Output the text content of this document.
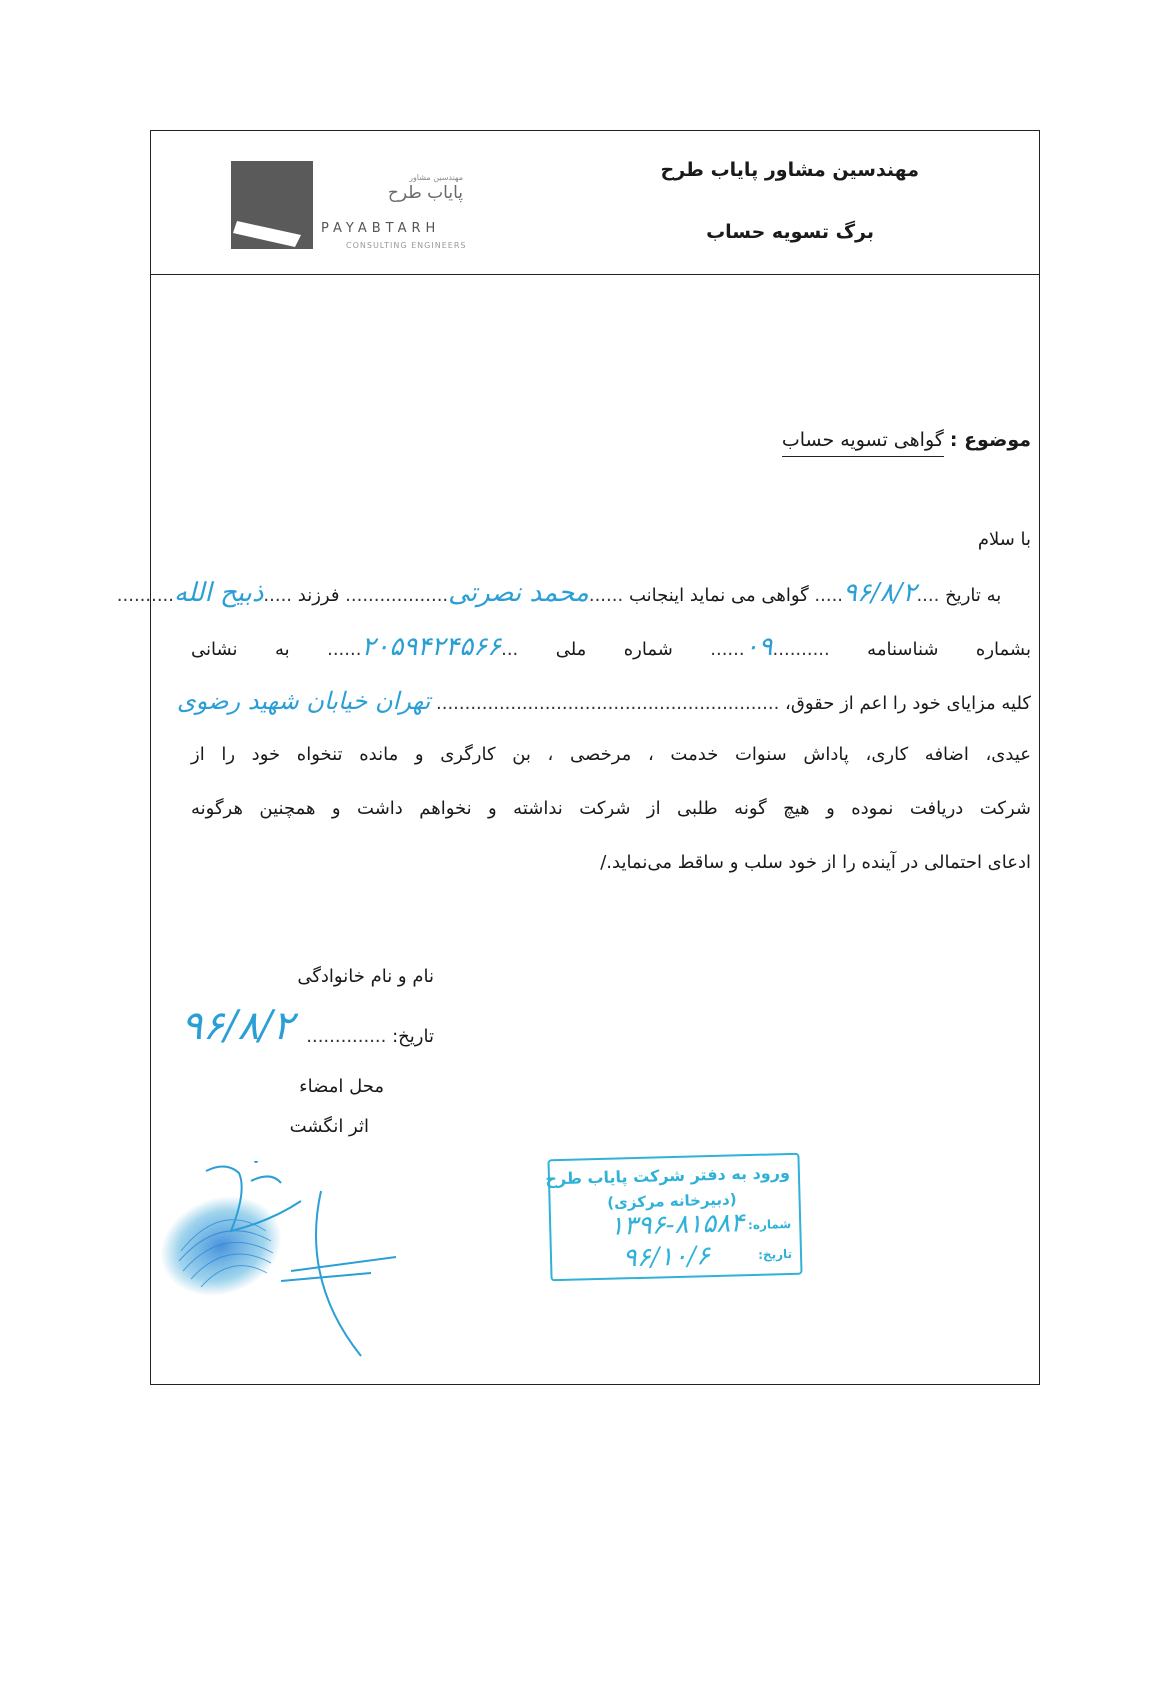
مهندسین مشاور
پایاب طرح
PAYABTARH
CONSULTING ENGINEERS
مهندسین مشاور پایاب طرح
برگ تسویه حساب
موضوع : گواهی تسویه حساب
با سلام
به تاریخ ....۹۶/۸/۲..... گواهی می نماید اینجانب ......محمد نصرتی.................. فرزند .....ذبیح الله..........
بشماره شناسنامه ..........۰۹...... شماره ملی ...۲۰۵۹۴۲۴۵۶۶...... به نشانی
کلیه مزایای خود را اعم از حقوق، ............................................................ تهران خیابان شهید رضوی
عیدی، اضافه کاری، پاداش سنوات خدمت ، مرخصی ، بن کارگری و مانده تنخواه خود را از
شرکت دریافت نموده و هیچ گونه طلبی از شرکت نداشته و نخواهم داشت و همچنین هرگونه
ادعای احتمالی در آینده را از خود سلب و ساقط می‌نماید./
نام و نام خانوادگی
تاریخ: ..............
۹۶/۸/۲
محل امضاء
اثر انگشت
ورود به دفتر شرکت پایاب طرح
(دبیرخانه مرکزی)
شماره:
تاریخ:
۱۳۹۶-۸۱۵۸۴
۹۶/۱۰/۶
